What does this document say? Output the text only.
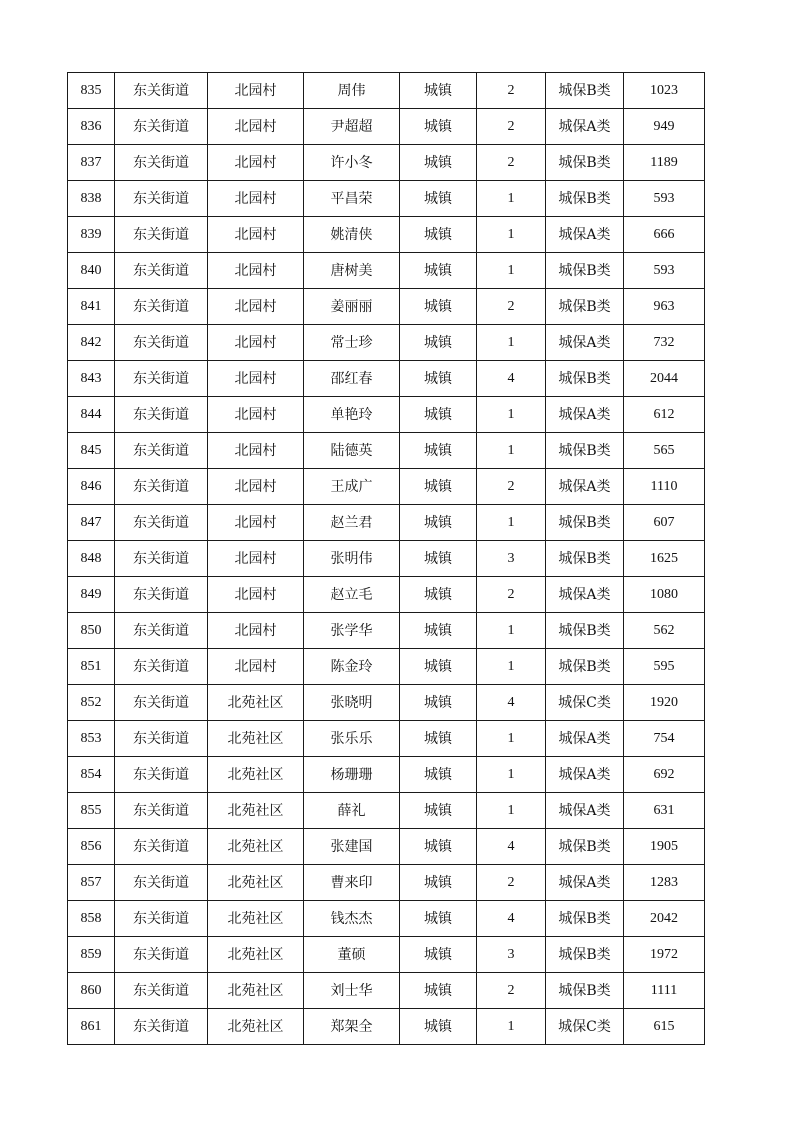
835	东关街道	北园村	周伟	城镇	2	城保B类	1023
836	东关街道	北园村	尹超超	城镇	2	城保A类	949
837	东关街道	北园村	许小冬	城镇	2	城保B类	1189
838	东关街道	北园村	平昌荣	城镇	1	城保B类	593
839	东关街道	北园村	姚清侠	城镇	1	城保A类	666
840	东关街道	北园村	唐树美	城镇	1	城保B类	593
841	东关街道	北园村	姜丽丽	城镇	2	城保B类	963
842	东关街道	北园村	常士珍	城镇	1	城保A类	732
843	东关街道	北园村	邵红春	城镇	4	城保B类	2044
844	东关街道	北园村	单艳玲	城镇	1	城保A类	612
845	东关街道	北园村	陆德英	城镇	1	城保B类	565
846	东关街道	北园村	王成广	城镇	2	城保A类	1110
847	东关街道	北园村	赵兰君	城镇	1	城保B类	607
848	东关街道	北园村	张明伟	城镇	3	城保B类	1625
849	东关街道	北园村	赵立毛	城镇	2	城保A类	1080
850	东关街道	北园村	张学华	城镇	1	城保B类	562
851	东关街道	北园村	陈金玲	城镇	1	城保B类	595
852	东关街道	北苑社区	张晓明	城镇	4	城保C类	1920
853	东关街道	北苑社区	张乐乐	城镇	1	城保A类	754
854	东关街道	北苑社区	杨珊珊	城镇	1	城保A类	692
855	东关街道	北苑社区	薛礼	城镇	1	城保A类	631
856	东关街道	北苑社区	张建国	城镇	4	城保B类	1905
857	东关街道	北苑社区	曹来印	城镇	2	城保A类	1283
858	东关街道	北苑社区	钱杰杰	城镇	4	城保B类	2042
859	东关街道	北苑社区	董硕	城镇	3	城保B类	1972
860	东关街道	北苑社区	刘士华	城镇	2	城保B类	1111
861	东关街道	北苑社区	郑架全	城镇	1	城保C类	615
